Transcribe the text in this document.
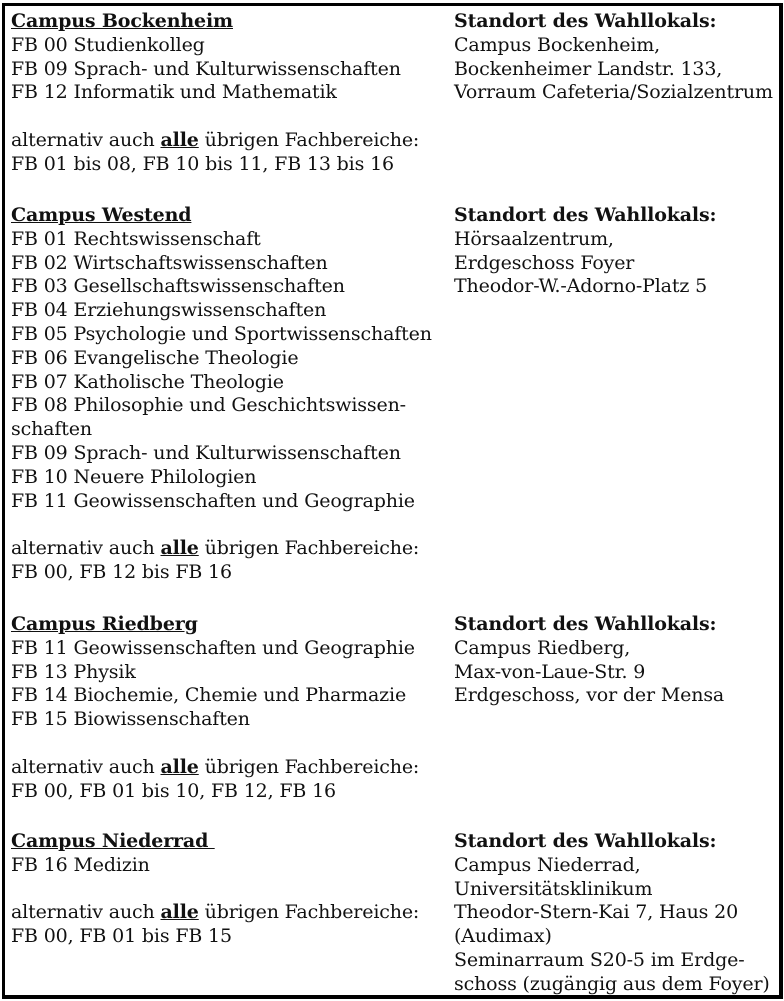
Campus Bockenheim
FB 00 Studienkolleg
FB 09 Sprach- und Kulturwissenschaften
FB 12 Informatik und Mathematik
alternativ auch alle übrigen Fachbereiche:
FB 01 bis 08, FB 10 bis 11, FB 13 bis 16
Standort des Wahllokals:
Campus Bockenheim,
Bockenheimer Landstr. 133,
Vorraum Cafeteria/Sozialzentrum
Campus Westend
FB 01 Rechtswissenschaft
FB 02 Wirtschaftswissenschaften
FB 03 Gesellschaftswissenschaften
FB 04 Erziehungswissenschaften
FB 05 Psychologie und Sportwissenschaften
FB 06 Evangelische Theologie
FB 07 Katholische Theologie
FB 08 Philosophie und Geschichtswissen-
schaften
FB 09 Sprach- und Kulturwissenschaften
FB 10 Neuere Philologien
FB 11 Geowissenschaften und Geographie
alternativ auch alle übrigen Fachbereiche:
FB 00, FB 12 bis FB 16
Standort des Wahllokals:
Hörsaalzentrum,
Erdgeschoss Foyer
Theodor-W.-Adorno-Platz 5
Campus Riedberg
FB 11 Geowissenschaften und Geographie
FB 13 Physik
FB 14 Biochemie, Chemie und Pharmazie
FB 15 Biowissenschaften
alternativ auch alle übrigen Fachbereiche:
FB 00, FB 01 bis 10, FB 12, FB 16
Standort des Wahllokals:
Campus Riedberg,
Max-von-Laue-Str. 9
Erdgeschoss, vor der Mensa
Campus Niederrad
FB 16 Medizin
alternativ auch alle übrigen Fachbereiche:
FB 00, FB 01 bis FB 15
Standort des Wahllokals:
Campus Niederrad,
Universitätsklinikum
Theodor-Stern-Kai 7, Haus 20
(Audimax)
Seminarraum S20-5 im Erdge-
schoss (zugängig aus dem Foyer)
